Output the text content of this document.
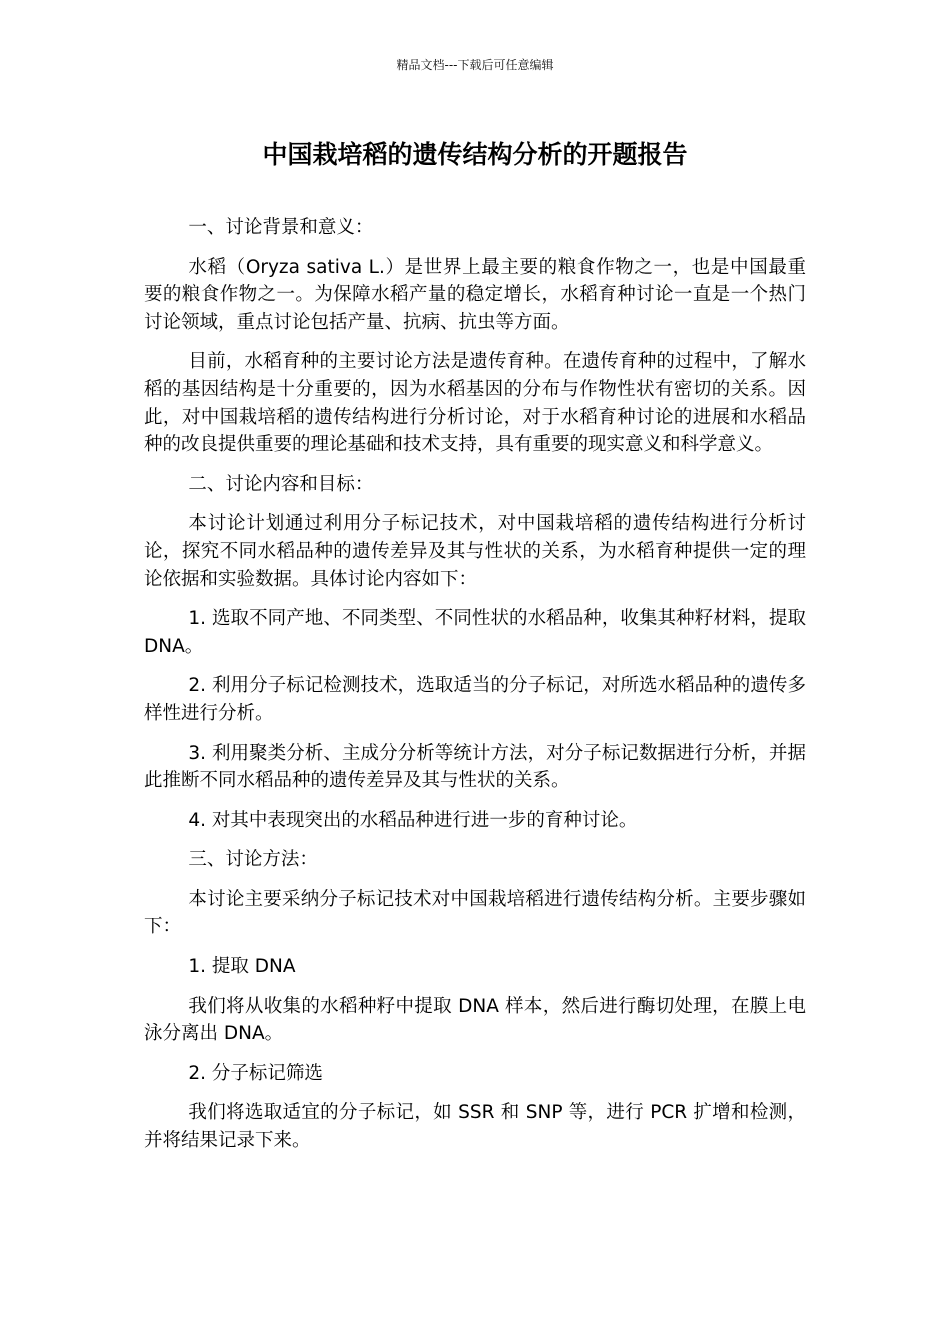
精品文档---下载后可任意编辑
中国栽培稻的遗传结构分析的开题报告

一、讨论背景和意义：

水稻（Oryza sativa L.）是世界上最主要的粮食作物之一，也是中国最重要的粮食作物之一。为保障水稻产量的稳定增长，水稻育种讨论一直是一个热门讨论领域，重点讨论包括产量、抗病、抗虫等方面。

目前，水稻育种的主要讨论方法是遗传育种。在遗传育种的过程中，了解水稻的基因结构是十分重要的，因为水稻基因的分布与作物性状有密切的关系。因此，对中国栽培稻的遗传结构进行分析讨论，对于水稻育种讨论的进展和水稻品种的改良提供重要的理论基础和技术支持，具有重要的现实意义和科学意义。

二、讨论内容和目标：

本讨论计划通过利用分子标记技术，对中国栽培稻的遗传结构进行分析讨论，探究不同水稻品种的遗传差异及其与性状的关系，为水稻育种提供一定的理论依据和实验数据。具体讨论内容如下：

1. 选取不同产地、不同类型、不同性状的水稻品种，收集其种籽材料，提取 DNA。

2. 利用分子标记检测技术，选取适当的分子标记，对所选水稻品种的遗传多样性进行分析。

3. 利用聚类分析、主成分分析等统计方法，对分子标记数据进行分析，并据此推断不同水稻品种的遗传差异及其与性状的关系。

4. 对其中表现突出的水稻品种进行进一步的育种讨论。

三、讨论方法：

本讨论主要采纳分子标记技术对中国栽培稻进行遗传结构分析。主要步骤如下：

1. 提取 DNA

我们将从收集的水稻种籽中提取 DNA 样本，然后进行酶切处理，在膜上电泳分离出 DNA。

2. 分子标记筛选

我们将选取适宜的分子标记，如 SSR 和 SNP 等，进行 PCR 扩增和检测，并将结果记录下来。
